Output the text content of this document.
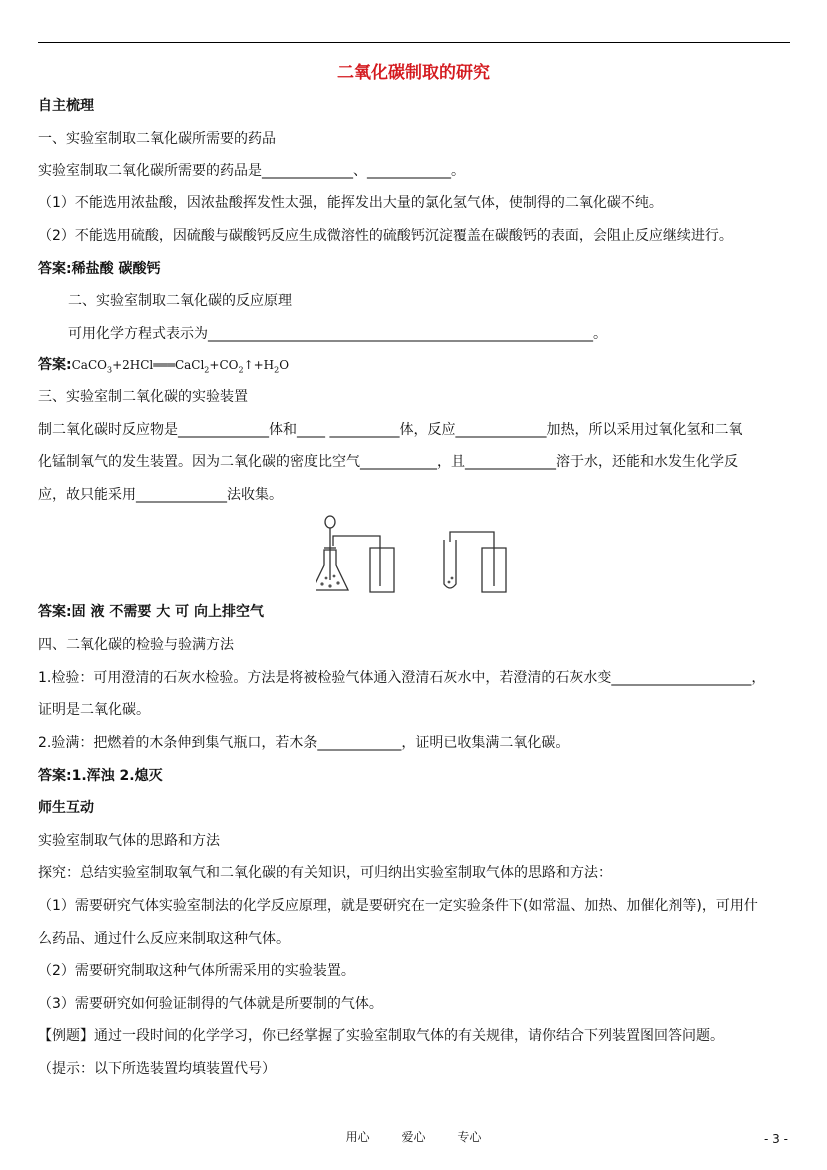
二氧化碳制取的研究
自主梳理
一、实验室制取二氧化碳所需要的药品
实验室制取二氧化碳所需要的药品是_____________、____________。
（1）不能选用浓盐酸，因浓盐酸挥发性太强，能挥发出大量的氯化氢气体，使制得的二氧化碳不纯。
（2）不能选用硫酸，因硫酸与碳酸钙反应生成微溶性的硫酸钙沉淀覆盖在碳酸钙的表面，会阻止反应继续进行。
答案:稀盐酸 碳酸钙
二、实验室制取二氧化碳的反应原理
可用化学方程式表示为_______________________________________________________。
答案$:CaCO_3+2HCl═══CaCl_2+CO_2↑+H_2O$
三、实验室制二氧化碳的实验装置
制二氧化碳时反应物是_____________体和____ __________体，反应_____________加热，所以采用过氧化氢和二氧
化锰制氧气的发生装置。因为二氧化碳的密度比空气___________，且_____________溶于水，还能和水发生化学反
应，故只能采用_____________法收集。
答案:固 液 不需要 大 可 向上排空气
四、二氧化碳的检验与验满方法
1.检验：可用澄清的石灰水检验。方法是将被检验气体通入澄清石灰水中，若澄清的石灰水变____________________，
证明是二氧化碳。
2.验满：把燃着的木条伸到集气瓶口，若木条____________，证明已收集满二氧化碳。
答案:1.浑浊 2.熄灭
师生互动
实验室制取气体的思路和方法
探究：总结实验室制取氧气和二氧化碳的有关知识，可归纳出实验室制取气体的思路和方法：
（1）需要研究气体实验室制法的化学反应原理，就是要研究在一定实验条件下(如常温、加热、加催化剂等)，可用什
么药品、通过什么反应来制取这种气体。
（2）需要研究制取这种气体所需采用的实验装置。
（3）需要研究如何验证制得的气体就是所要制的气体。
【例题】通过一段时间的化学学习，你已经掌握了实验室制取气体的有关规律，请你结合下列装置图回答问题。
（提示：以下所选装置均填装置代号）
用心	爱心	专心	- 3 -
